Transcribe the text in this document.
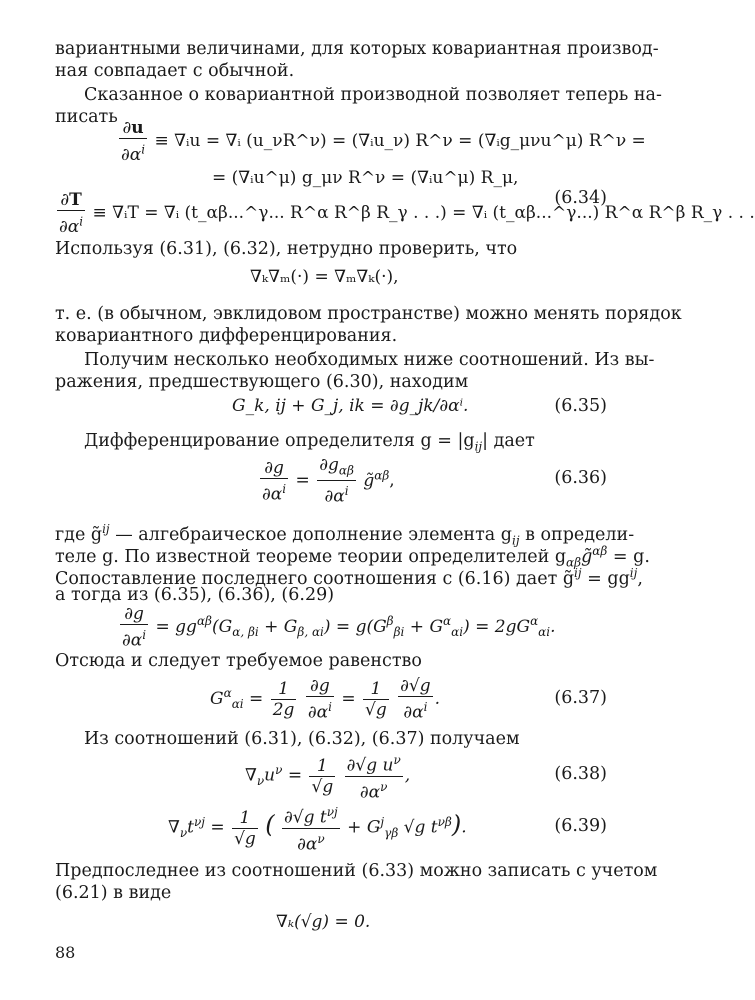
вариантными величинами, для которых ковариантная производ-
ная совпадает с обычной.
Сказанное о ковариантной производной позволяет теперь на-
писать
$\frac{\partial u}{\partial\alpha^i}$ ≡ ∇ᵢu = ∇ᵢ (u_νR^ν) = (∇ᵢu_ν) R^ν = (∇ᵢg_μνu^μ) R^ν =
= (∇ᵢu^μ) g_μν R^ν = (∇ᵢu^μ) R_μ,
$\frac{\partial T}{\partial\alpha^i}$ ≡ ∇ᵢT = ∇ᵢ (t_αβ...^γ... R^α R^β R_γ . . .) = ∇ᵢ (t_αβ...^γ...) R^α R^β R_γ . . .
(6.34)
Используя (6.31), (6.32), нетрудно проверить, что
∇ₖ∇ₘ(·) = ∇ₘ∇ₖ(·),
т. е. (в обычном, эвклидовом пространстве) можно менять порядок
ковариантного дифференцирования.
Получим несколько необходимых ниже соотношений. Из вы-
ражения, предшествующего (6.30), находим
G_k, ij + G_j, ik = ∂g_jk/∂αⁱ.	(6.35)
Дифференцирование определителя $g = |g_{ij}|$ дает
$\frac{\partial g}{\partial\alpha^i} = \frac{\partial g_{\alpha\beta}}{\partial\alpha^i}$ g̃$^{\alpha\beta}$,	(6.36)
где g̃$^{ij}$ — алгебраическое дополнение элемента $g_{ij}$ в определи-
теле g. По известной теореме теории определителей $g_{\alpha\beta}g̃^{\alpha\beta} = g$.
Сопоставление последнего соотношения с (6.16) дает g̃$^{ij}$ = $gg^{ij}$,
а тогда из (6.35), (6.36), (6.29)
$\frac{\partial g}{\partial\alpha^i} = gg^{\alpha\beta}(G_{\alpha, \beta i} + G_{\beta, \alpha i}) = g(G^\beta_{\beta i} + G^\alpha_{\alpha i}) = 2gG^\alpha_{\alpha i}$.
Отсюда и следует требуемое равенство
$G^\alpha_{\alpha i} = \frac{1}{2g}$
$\frac{\partial g}{\partial\alpha^i} = \frac{1}{√g}$
$\frac{\partial√g}{\partial\alpha^i}$ .	(6.37)
Из соотношений (6.31), (6.32), (6.37) получаем
$\nabla_\nu u^\nu = \frac{1}{√g}$
$\frac{\partial√g u^\nu}{\partial\alpha^\nu}$ ,	(6.38)
$\nabla_\nu t^{\nu j} = \frac{1}{√g}$ ( $\frac{\partial√g t^{\nu j}}{\partial\alpha^\nu} + G^j_{\gamma\beta}$ √g $t^{\nu\beta}$).	(6.39)
Предпоследнее из соотношений (6.33) можно записать с учетом
(6.21) в виде
∇ₖ(√g) = 0.
88
